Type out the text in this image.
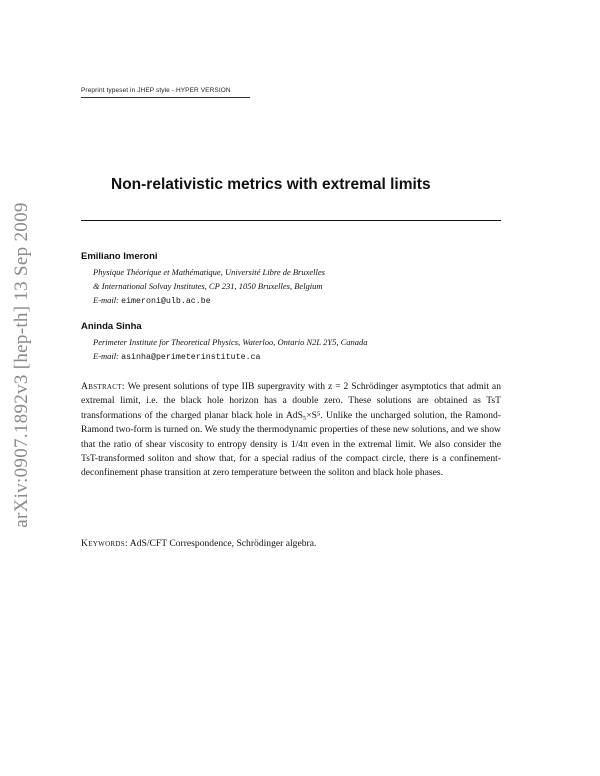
Preprint typeset in JHEP style - HYPER VERSION
arXiv:0907.1892v3 [hep-th] 13 Sep 2009
Non-relativistic metrics with extremal limits
Emiliano Imeroni
Physique Théorique et Mathématique, Université Libre de Bruxelles
& International Solvay Institutes, CP 231, 1050 Bruxelles, Belgium
E-mail: eimeroni@ulb.ac.be
Aninda Sinha
Perimeter Institute for Theoretical Physics, Waterloo, Ontario N2L 2Y5, Canada
E-mail: asinha@perimeterinstitute.ca
Abstract: We present solutions of type IIB supergravity with z = 2 Schrödinger asymptotics that admit an extremal limit, i.e. the black hole horizon has a double zero. These solutions are obtained as TsT transformations of the charged planar black hole in AdS₅×S⁵. Unlike the uncharged solution, the Ramond-Ramond two-form is turned on. We study the thermodynamic properties of these new solutions, and we show that the ratio of shear viscosity to entropy density is 1/4π even in the extremal limit. We also consider the TsT-transformed soliton and show that, for a special radius of the compact circle, there is a confinement-deconfinement phase transition at zero temperature between the soliton and black hole phases.
Keywords: AdS/CFT Correspondence, Schrödinger algebra.
